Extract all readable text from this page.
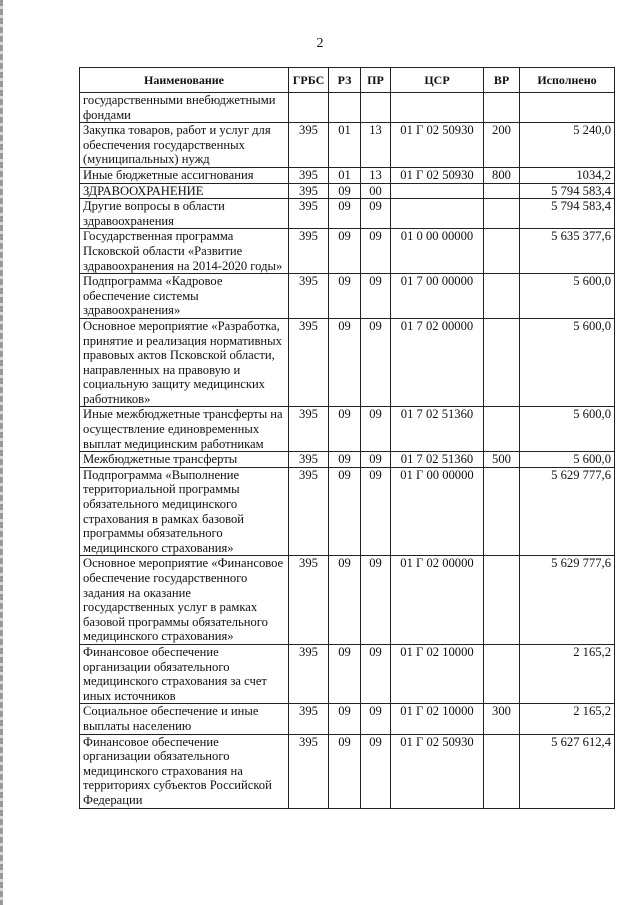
2
Наименование	ГРБС	РЗ	ПР	ЦСР	ВР	Исполнено
государственными внебюджетными фондами						
Закупка товаров, работ и услуг для обеспечения государственных (муниципальных) нужд	395	01	13	01 Г 02 50930	200	5 240,0
Иные бюджетные ассигнования	395	01	13	01 Г 02 50930	800	1034,2
ЗДРАВООХРАНЕНИЕ	395	09	00			5 794 583,4
Другие вопросы в области здравоохранения	395	09	09			5 794 583,4
Государственная программа Псковской области «Развитие здравоохранения на 2014-2020 годы»	395	09	09	01 0 00 00000		5 635 377,6
Подпрограмма «Кадровое обеспечение системы здравоохранения»	395	09	09	01 7 00 00000		5 600,0
Основное мероприятие «Разработка, принятие и реализация нормативных правовых актов Псковской области, направленных на правовую и социальную защиту медицинских работников»	395	09	09	01 7 02 00000		5 600,0
Иные межбюджетные трансферты на осуществление единовременных выплат медицинским работникам	395	09	09	01 7 02 51360		5 600,0
Межбюджетные трансферты	395	09	09	01 7 02 51360	500	5 600,0
Подпрограмма «Выполнение территориальной программы обязательного медицинского страхования в рамках базовой программы обязательного медицинского страхования»	395	09	09	01 Г 00 00000		5 629 777,6
Основное мероприятие «Финансовое обеспечение государственного задания на оказание государственных услуг в рамках базовой программы обязательного медицинского страхования»	395	09	09	01 Г 02 00000		5 629 777,6
Финансовое обеспечение организации обязательного медицинского страхования за счет иных источников	395	09	09	01 Г 02 10000		2 165,2
Социальное обеспечение и иные выплаты населению	395	09	09	01 Г 02 10000	300	2 165,2
Финансовое обеспечение организации обязательного медицинского страхования на территориях субъектов Российской Федерации	395	09	09	01 Г 02 50930		5 627 612,4
